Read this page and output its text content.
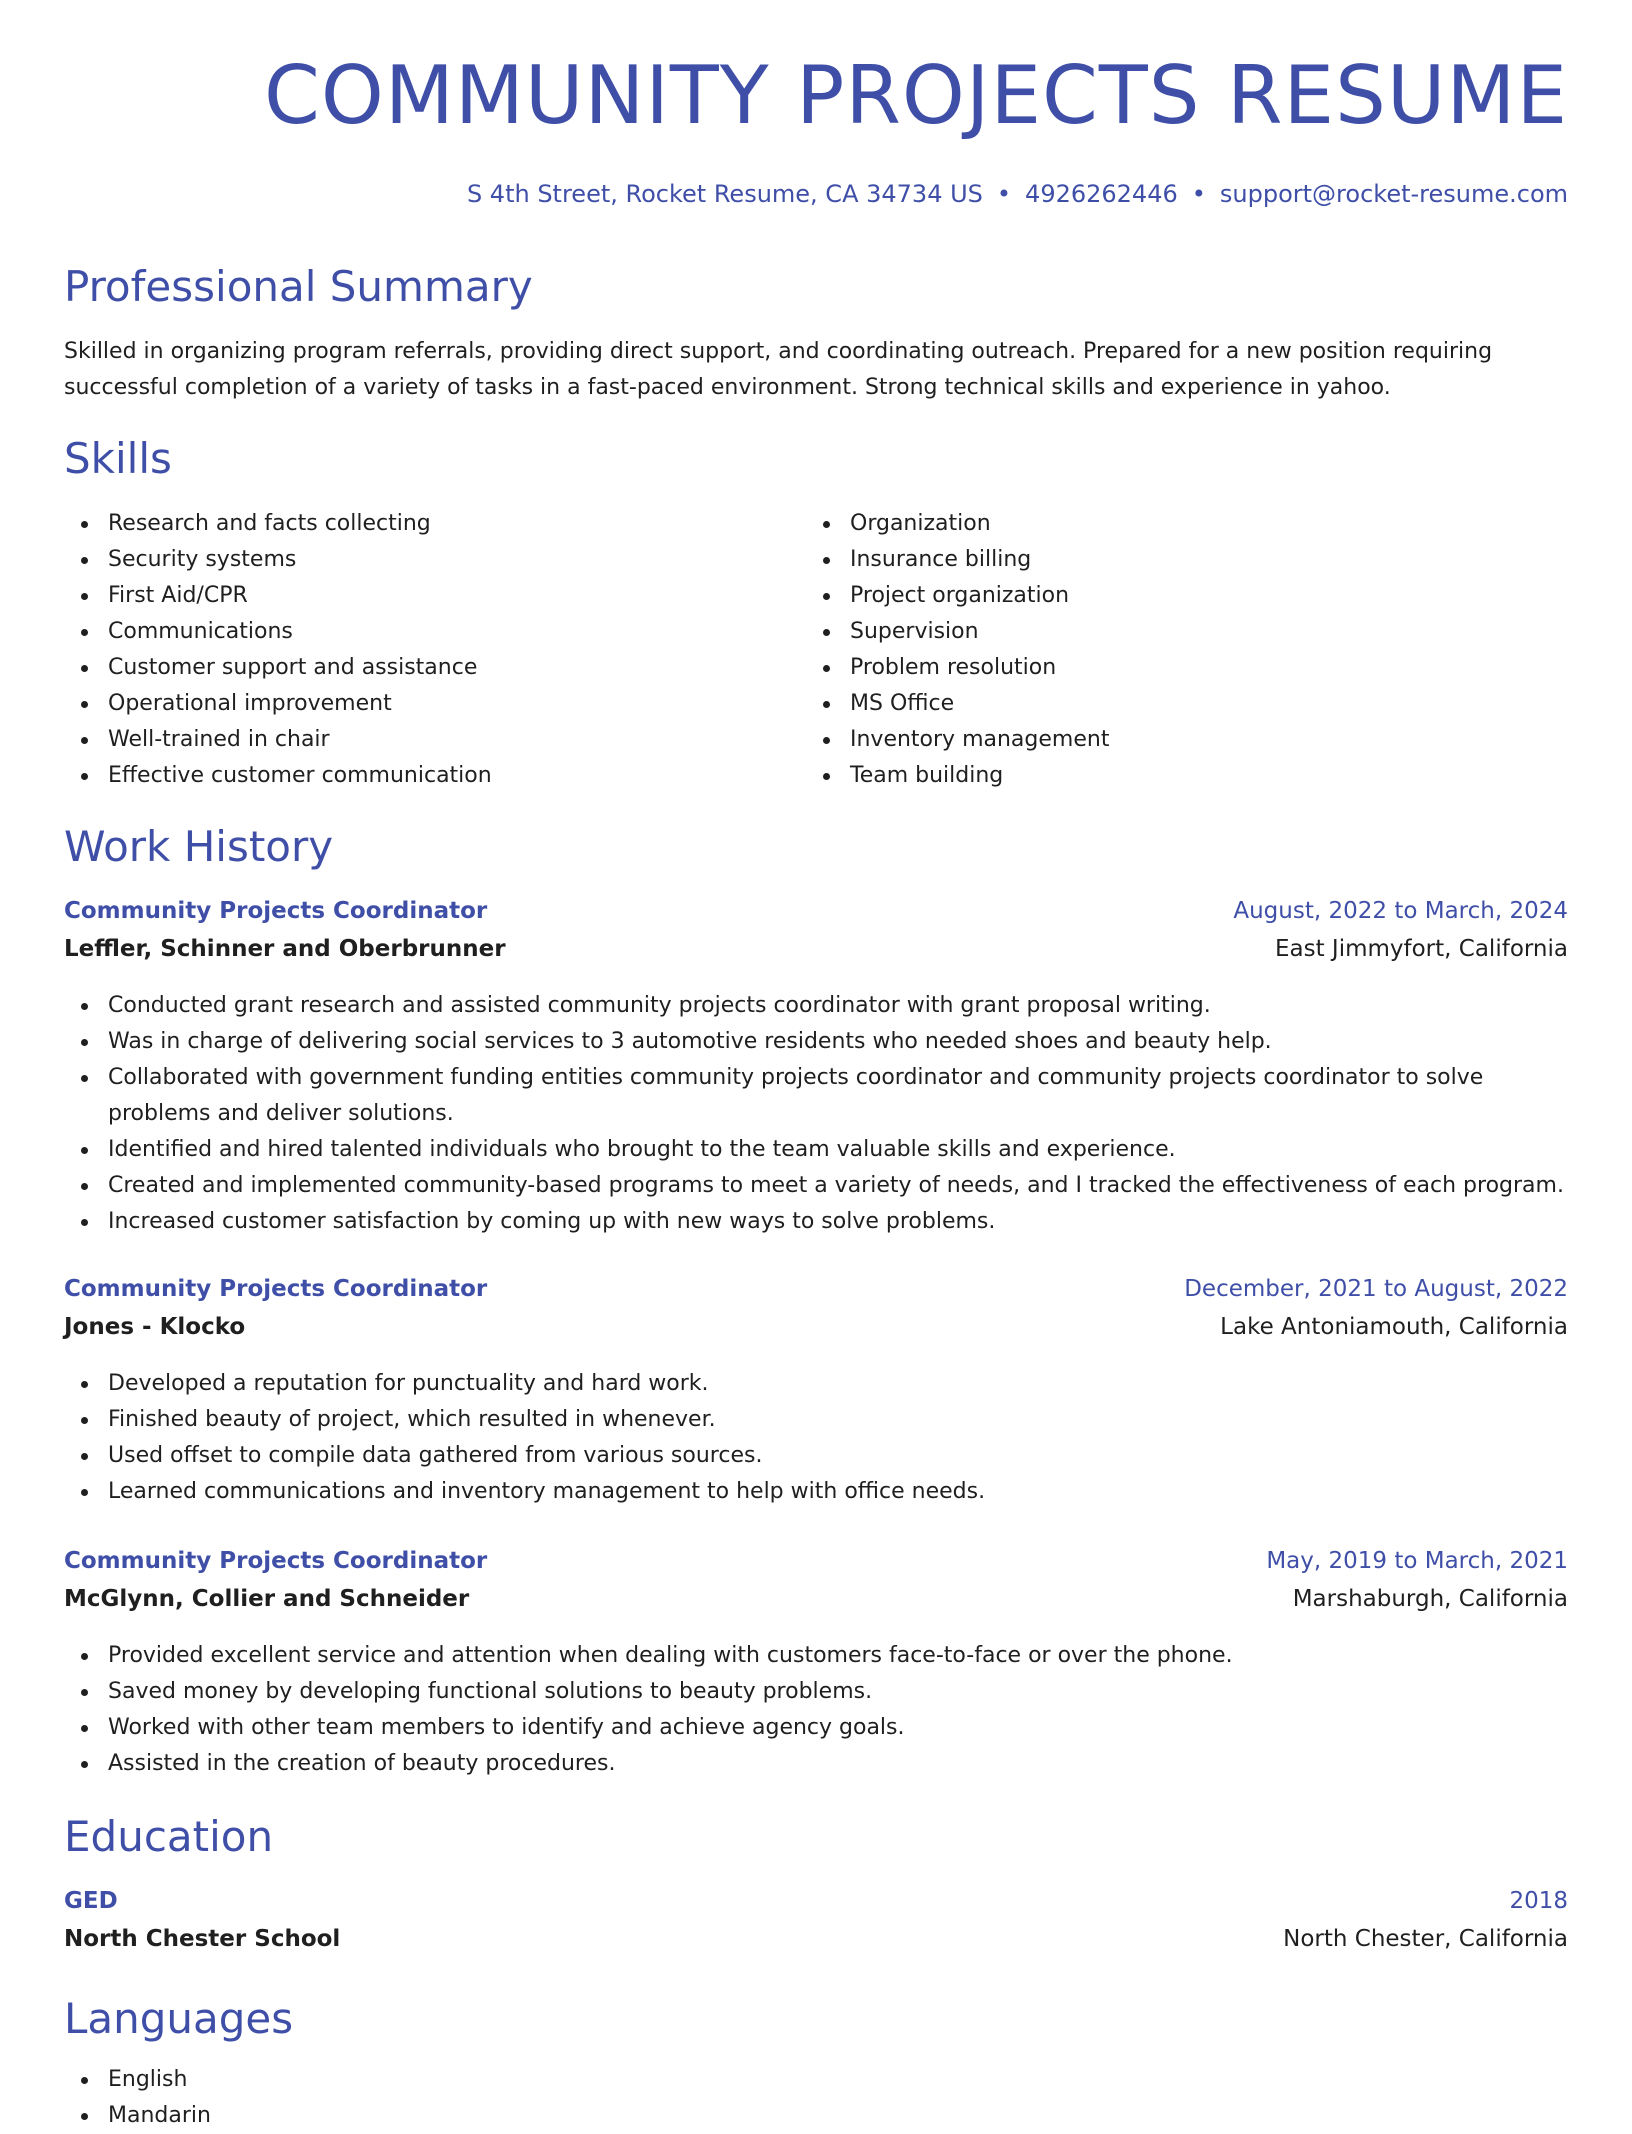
COMMUNITY PROJECTS RESUME
S 4th Street, Rocket Resume, CA 34734 US • 4926262446 • support@rocket-resume.com
Professional Summary

Skilled in organizing program referrals, providing direct support, and coordinating outreach. Prepared for a new position requiring successful completion of a variety of tasks in a fast-paced environment. Strong technical skills and experience in yahoo.

Skills
Research and facts collecting
Security systems
First Aid/CPR
Communications
Customer support and assistance
Operational improvement
Well-trained in chair
Effective customer communication
Organization
Insurance billing
Project organization
Supervision
Problem resolution
MS Office
Inventory management
Team building
Work History
Community Projects Coordinator	August, 2022 to March, 2024
Leffler, Schinner and Oberbrunner	East Jimmyfort, California
Conducted grant research and assisted community projects coordinator with grant proposal writing.
Was in charge of delivering social services to 3 automotive residents who needed shoes and beauty help.
Collaborated with government funding entities community projects coordinator and community projects coordinator to solve problems and deliver solutions.
Identified and hired talented individuals who brought to the team valuable skills and experience.
Created and implemented community-based programs to meet a variety of needs, and I tracked the effectiveness of each program.
Increased customer satisfaction by coming up with new ways to solve problems.
Community Projects Coordinator	December, 2021 to August, 2022
Jones - Klocko	Lake Antoniamouth, California
Developed a reputation for punctuality and hard work.
Finished beauty of project, which resulted in whenever.
Used offset to compile data gathered from various sources.
Learned communications and inventory management to help with office needs.
Community Projects Coordinator	May, 2019 to March, 2021
McGlynn, Collier and Schneider	Marshaburgh, California
Provided excellent service and attention when dealing with customers face-to-face or over the phone.
Saved money by developing functional solutions to beauty problems.
Worked with other team members to identify and achieve agency goals.
Assisted in the creation of beauty procedures.
Education
GED	2018
North Chester School	North Chester, California
Languages
English
Mandarin
